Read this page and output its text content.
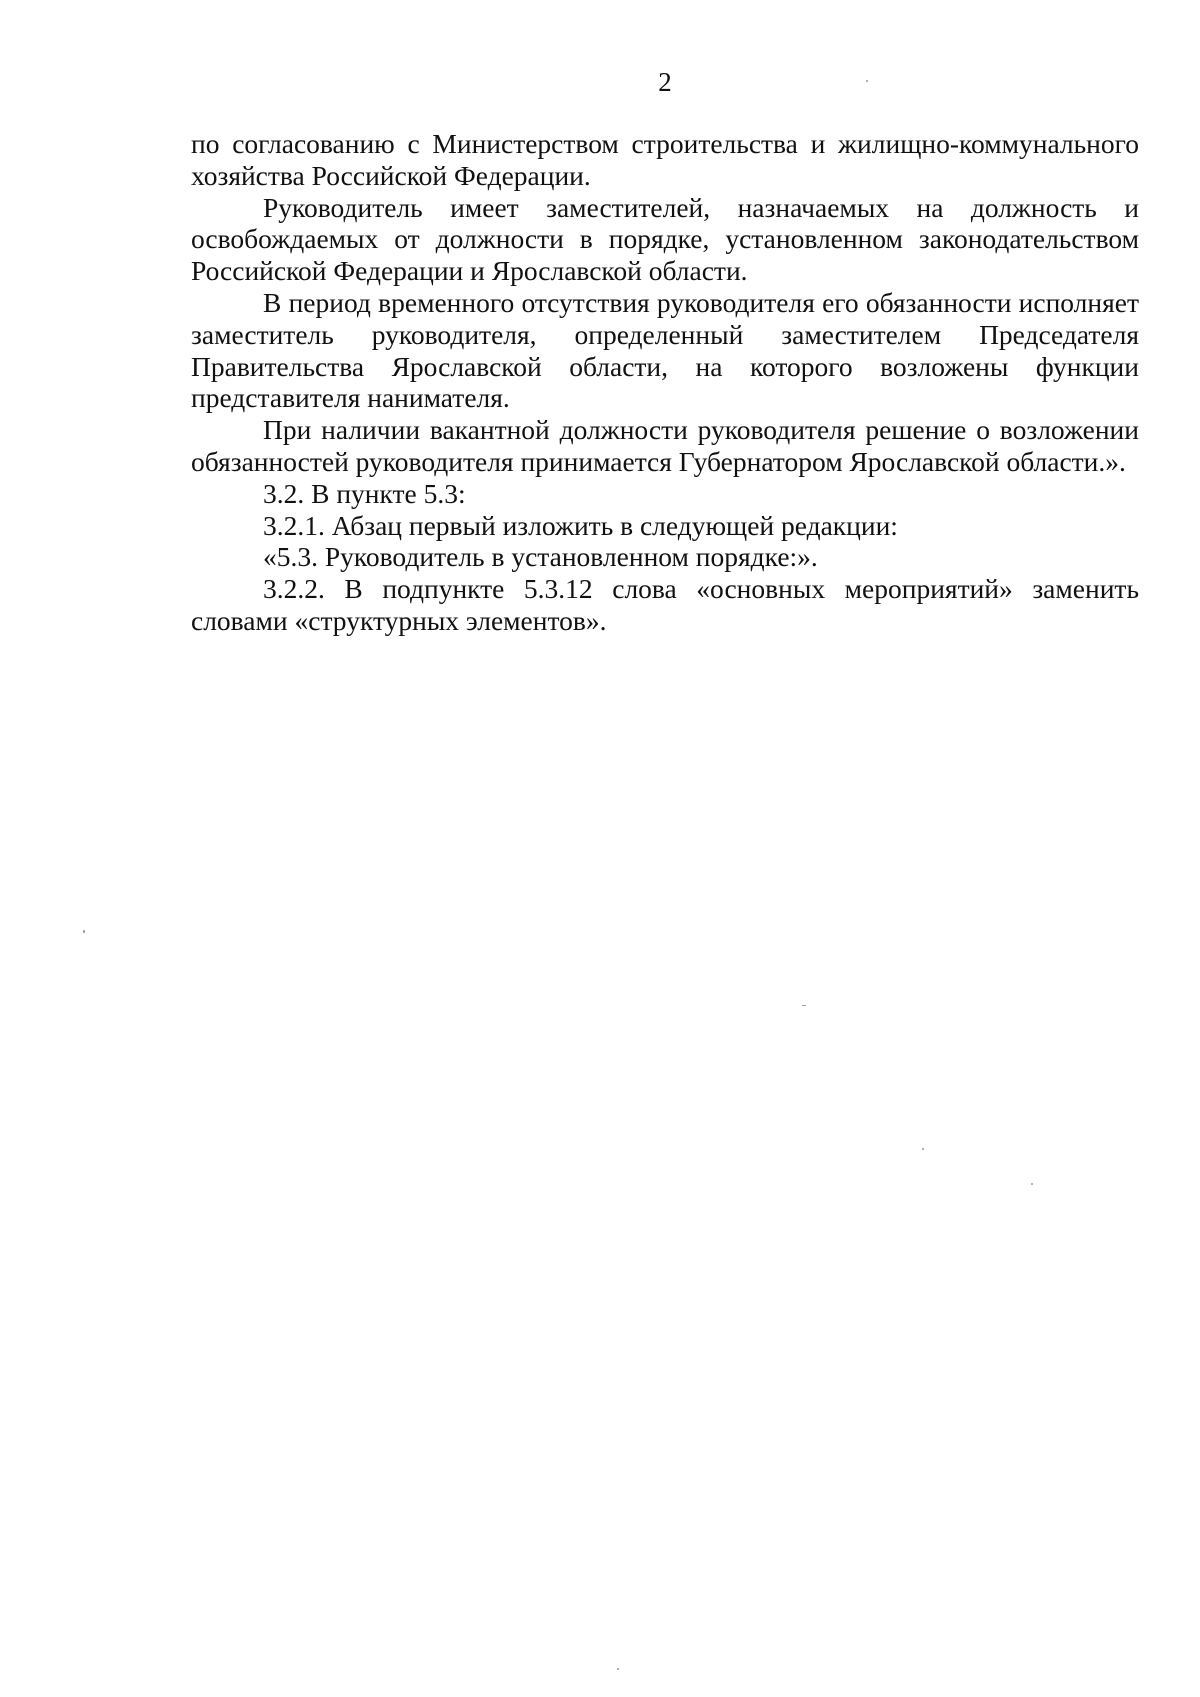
2

по согласованию с Министерством строительства и жилищно-коммунального хозяйства Российской Федерации.

Руководитель имеет заместителей, назначаемых на должность и освобождаемых от должности в порядке, установленном законодательством Российской Федерации и Ярославской области.

В период временного отсутствия руководителя его обязанности исполняет заместитель руководителя, определенный заместителем Председателя Правительства Ярославской области, на которого возложены функции представителя нанимателя.

При наличии вакантной должности руководителя решение о возложении обязанностей руководителя принимается Губернатором Ярославской области.».

3.2. В пункте 5.3:

3.2.1. Абзац первый изложить в следующей редакции:

«5.3. Руководитель в установленном порядке:».

3.2.2. В подпункте 5.3.12 слова «основных мероприятий» заменить словами «структурных элементов».
